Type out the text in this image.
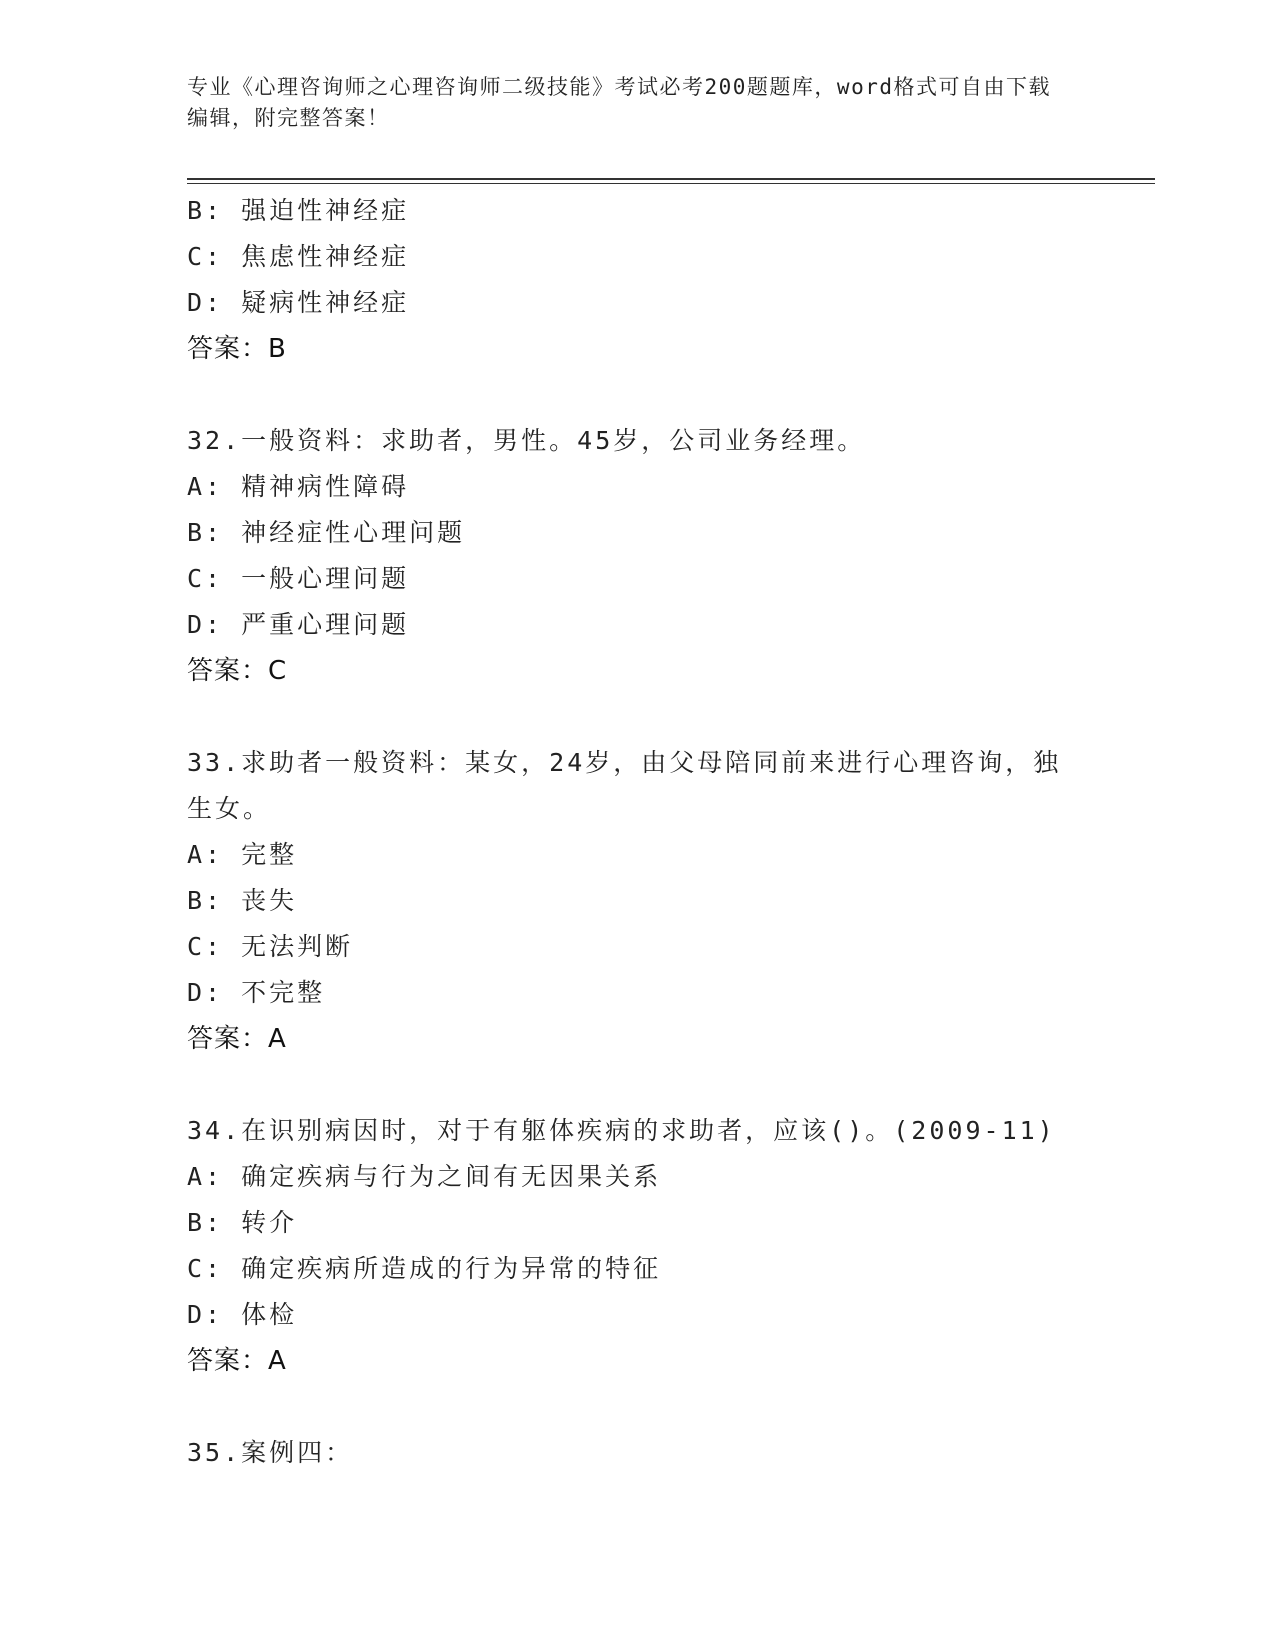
专业《心理咨询师之心理咨询师二级技能》考试必考200题题库，word格式可自由下载编辑，附完整答案！
B: 强迫性神经症
C: 焦虑性神经症
D: 疑病性神经症
答案：B
32.一般资料：求助者，男性。45岁，公司业务经理。
A: 精神病性障碍
B: 神经症性心理问题
C: 一般心理问题
D: 严重心理问题
答案：C
33.求助者一般资料：某女，24岁，由父母陪同前来进行心理咨询，独生女。
A: 完整
B: 丧失
C: 无法判断
D: 不完整
答案：A
34.在识别病因时，对于有躯体疾病的求助者，应该()。(2009-11)
A: 确定疾病与行为之间有无因果关系
B: 转介
C: 确定疾病所造成的行为异常的特征
D: 体检
答案：A
35.案例四：
